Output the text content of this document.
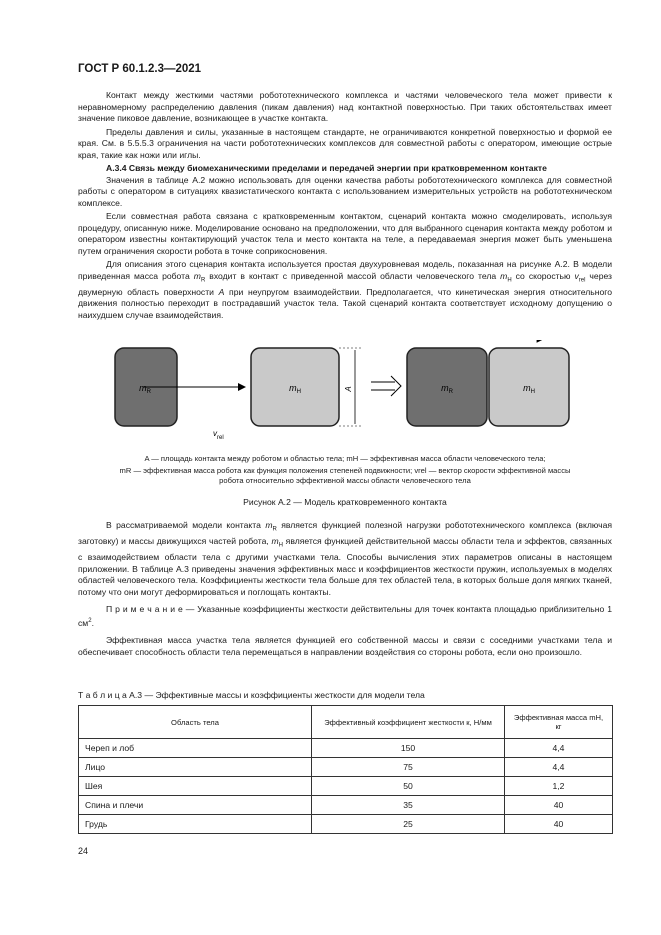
ГОСТ Р 60.1.2.3—2021

Контакт между жесткими частями робототехнического комплекса и частями человеческого тела может привести к неравномерному распределению давления (пикам давления) над контактной поверхностью. При таких обстоятельствах имеет значение пиковое давление, возникающее в участке контакта.

Пределы давления и силы, указанные в настоящем стандарте, не ограничиваются конкретной поверхностью и формой ее края. См. в 5.5.5.3 ограничения на части робототехнических комплексов для совместной работы с оператором, имеющие острые края, такие как ножи или иглы.

А.3.4 Связь между биомеханическими пределами и передачей энергии при кратковременном контакте

Значения в таблице А.2 можно использовать для оценки качества работы робототехнического комплекса для совместной работы с оператором в ситуациях квазистатического контакта с использованием измерительных устройств на робототехническом комплексе.

Если совместная работа связана с кратковременным контактом, сценарий контакта можно смоделировать, используя процедуру, описанную ниже. Моделирование основано на предположении, что для выбранного сценария контакта между роботом и оператором известны контактирующий участок тела и место контакта на теле, а передаваемая энергия может быть уменьшена путем ограничения скорости робота в точке соприкосновения.

Для описания этого сценария контакта используется простая двухуровневая модель, показанная на рисунке А.2. В модели приведенная масса робота $m_R$ входит в контакт с приведенной массой области человеческого тела $m_H$ со скоростью $v_{rel}$ через двумерную область поверхности A при неупругом взаимодействии. Предполагается, что кинетическая энергия относительного движения полностью переходит в пострадавший участок тела. Такой сценарий контакта соответствует исходному допущению о наихудшем случае взаимодействия.

$m_R$	$m_H$	A	$m_R$	$m_H$
$v_{rel}$
A — площадь контакта между роботом и областью тела; mH — эффективная масса области человеческого тела;
mR — эффективная масса робота как функция положения степеней подвижности; vrel — вектор скорости эффективной массы
робота относительно эффективной массы области человеческого тела
Рисунок А.2 — Модель кратковременного контакта

В рассматриваемой модели контакта $m_R$ является функцией полезной нагрузки робототехнического комплекса (включая заготовку) и массы движущихся частей робота, $m_H$ является функцией действительной массы области тела и эффектов, связанных с взаимодействием области тела с другими участками тела. Способы вычисления этих параметров описаны в настоящем приложении. В таблице А.3 приведены значения эффективных масс и коэффициентов жесткости пружин, используемых в моделях областей человеческого тела. Коэффициенты жесткости тела больше для тех областей тела, в которых больше доля мягких тканей, потому что они могут деформироваться и поглощать контакты.

П р и м е ч а н и е — Указанные коэффициенты жесткости действительны для точек контакта площадью приблизительно 1 $см^2$.

Эффективная масса участка тела является функцией его собственной массы и связи с соседними участками тела и обеспечивает способность области тела перемещаться в направлении воздействия со стороны робота, если оно произошло.

Т а б л и ц а А.3 — Эффективные массы и коэффициенты жесткости для модели тела
Область тела	Эффективный коэффициент жесткости к, Н/мм	Эффективная масса mH, кг
Череп и лоб	150	4,4
Лицо	75	4,4
Шея	50	1,2
Спина и плечи	35	40
Грудь	25	40
24
